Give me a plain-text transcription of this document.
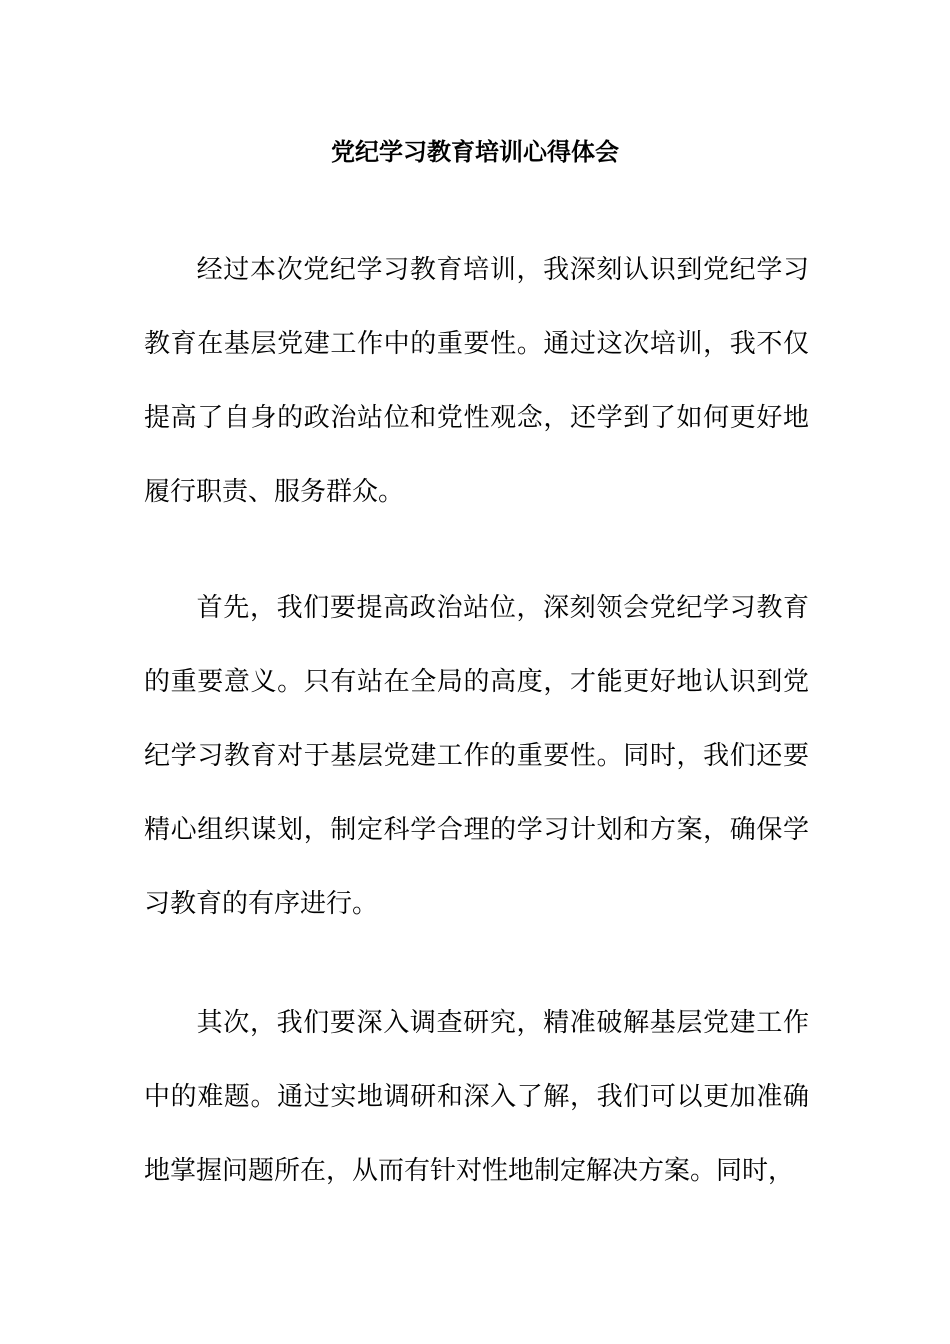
党纪学习教育培训心得体会

经过本次党纪学习教育培训，我深刻认识到党纪学习教育在基层党建工作中的重要性。通过这次培训，我不仅提高了自身的政治站位和党性观念，还学到了如何更好地履行职责、服务群众。

首先，我们要提高政治站位，深刻领会党纪学习教育的重要意义。只有站在全局的高度，才能更好地认识到党纪学习教育对于基层党建工作的重要性。同时，我们还要精心组织谋划，制定科学合理的学习计划和方案，确保学习教育的有序进行。

其次，我们要深入调查研究，精准破解基层党建工作中的难题。通过实地调研和深入了解，我们可以更加准确地掌握问题所在，从而有针对性地制定解决方案。同时，
